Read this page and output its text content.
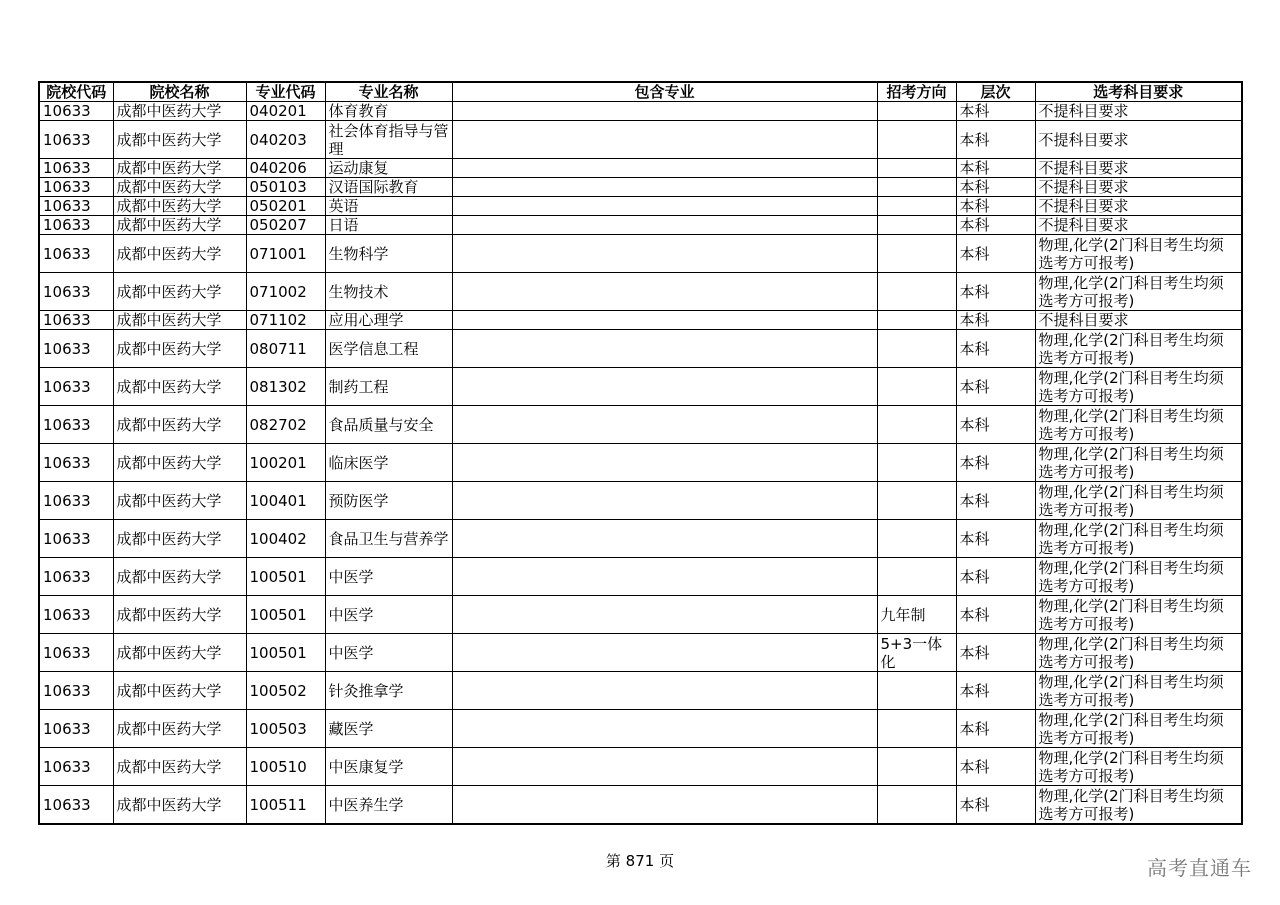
院校代码	院校名称	专业代码	专业名称	包含专业	招考方向	层次	选考科目要求
10633	成都中医药大学	040201	体育教育			本科	不提科目要求
10633	成都中医药大学	040203	社会体育指导与管理			本科	不提科目要求
10633	成都中医药大学	040206	运动康复			本科	不提科目要求
10633	成都中医药大学	050103	汉语国际教育			本科	不提科目要求
10633	成都中医药大学	050201	英语			本科	不提科目要求
10633	成都中医药大学	050207	日语			本科	不提科目要求
10633	成都中医药大学	071001	生物科学			本科	物理,化学(2门科目考生均须选考方可报考)
10633	成都中医药大学	071002	生物技术			本科	物理,化学(2门科目考生均须选考方可报考)
10633	成都中医药大学	071102	应用心理学			本科	不提科目要求
10633	成都中医药大学	080711	医学信息工程			本科	物理,化学(2门科目考生均须选考方可报考)
10633	成都中医药大学	081302	制药工程			本科	物理,化学(2门科目考生均须选考方可报考)
10633	成都中医药大学	082702	食品质量与安全			本科	物理,化学(2门科目考生均须选考方可报考)
10633	成都中医药大学	100201	临床医学			本科	物理,化学(2门科目考生均须选考方可报考)
10633	成都中医药大学	100401	预防医学			本科	物理,化学(2门科目考生均须选考方可报考)
10633	成都中医药大学	100402	食品卫生与营养学			本科	物理,化学(2门科目考生均须选考方可报考)
10633	成都中医药大学	100501	中医学			本科	物理,化学(2门科目考生均须选考方可报考)
10633	成都中医药大学	100501	中医学		九年制	本科	物理,化学(2门科目考生均须选考方可报考)
10633	成都中医药大学	100501	中医学		5+3一体化	本科	物理,化学(2门科目考生均须选考方可报考)
10633	成都中医药大学	100502	针灸推拿学			本科	物理,化学(2门科目考生均须选考方可报考)
10633	成都中医药大学	100503	藏医学			本科	物理,化学(2门科目考生均须选考方可报考)
10633	成都中医药大学	100510	中医康复学			本科	物理,化学(2门科目考生均须选考方可报考)
10633	成都中医药大学	100511	中医养生学			本科	物理,化学(2门科目考生均须选考方可报考)
第 871 页	高考直通车
